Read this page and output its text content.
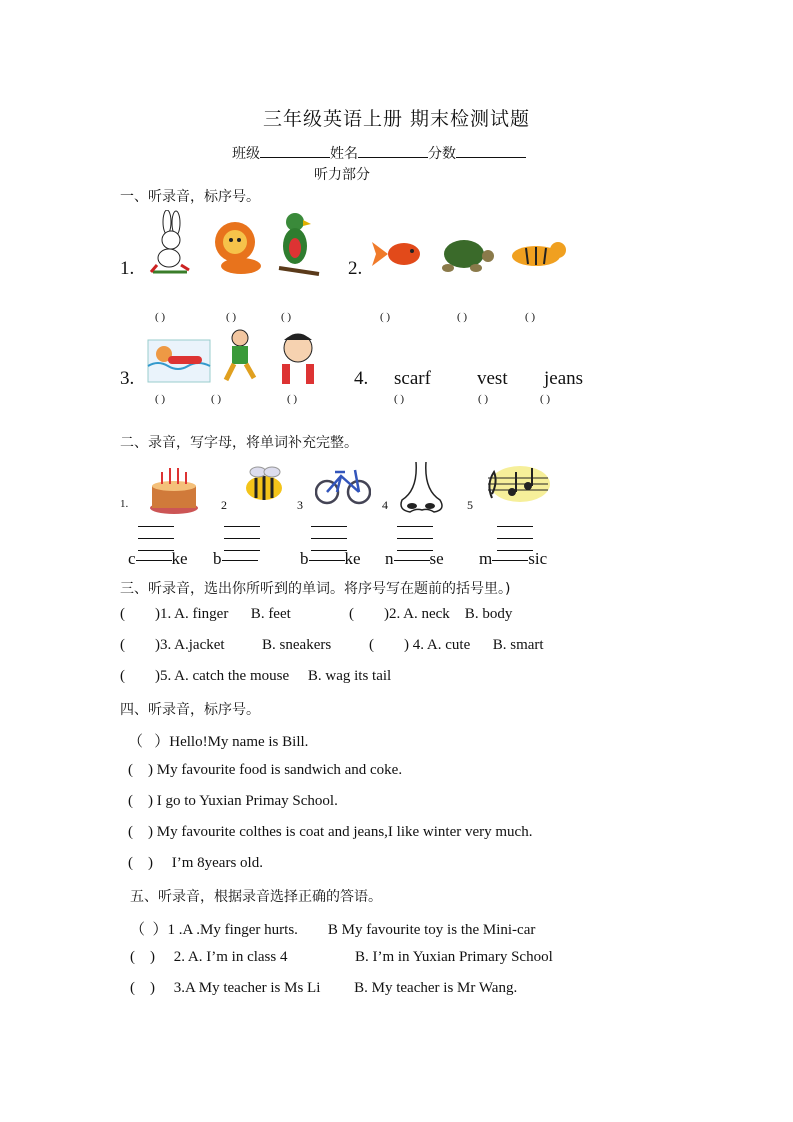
三年级英语上册 期末检测试题
班级	姓名	分数
听力部分
一、听录音，标序号。
1.	2.
( )	( )	( )	( )	( )	( )
3.	4. scarf vest jeans
( )	( )	( )	( )	( )	( )
二、录音，写字母，将单词补充完整。
1.	2	3	4	5
c ke b	b ke n se m sic
三、听录音，选出你所听到的单词。将序号写在题前的括号里。)
(        )1. A. finger      B. feet	(        )2. A. neck    B. body
(        )3. A.jacket          B. sneakers	(        ) 4. A. cute      B. smart
(        )5. A. catch the mouse     B. wag its tail
四、听录音，标序号。
（   ）Hello!My name is Bill.
(    ) My favourite food is sandwich and coke.
(    ) I go to Yuxian Primay School.
(    ) My favourite colthes is coat and jeans,I like winter very much.
(    )     I’m 8years old.
五、听录音，根据录音选择正确的答语。
（  ）1 .A .My finger hurts.        B My favourite toy is the Mini-car
(    )     2. A. I’m in class 4                  B. I’m in Yuxian Primary School
(    )     3.A My teacher is Ms Li         B. My teacher is Mr Wang.
